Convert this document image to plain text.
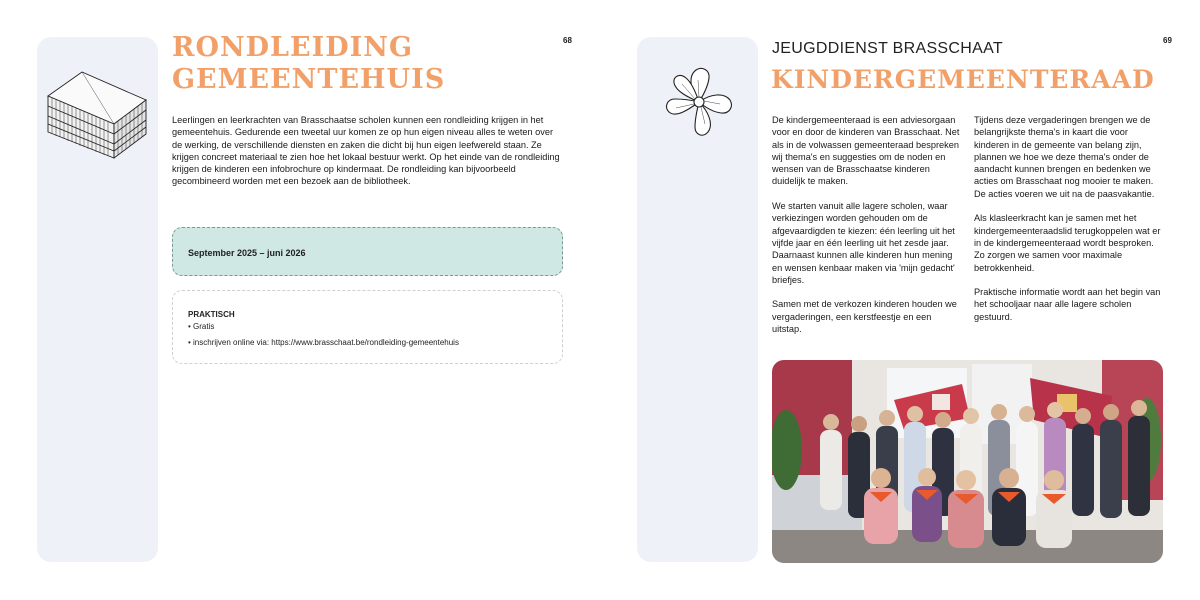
68
RONDLEIDING
GEMEENTEHUIS

Leerlingen en leerkrachten van Brasschaatse scholen kunnen een rondleiding krijgen in het gemeentehuis. Gedurende een tweetal uur komen ze op hun eigen niveau alles te weten over de werking, de verschillende diensten en zaken die dicht bij hun eigen leefwereld staan. Ze krijgen concreet materiaal te zien hoe het lokaal bestuur werkt. Op het einde van de rondleiding krijgen de kinderen een infobrochure op kindermaat. De rondleiding kan bijvoorbeeld gecombineerd worden met een bezoek aan de bibliotheek.

September 2025 – juni 2026
PRAKTISCH
• Gratis
• inschrijven online via: https://www.brasschaat.be/rondleiding-gemeentehuis
69
JEUGDDIENST BRASSCHAAT
KINDERGEMEENTERAAD

De kindergemeenteraad is een adviesorgaan voor en door de kinderen van Brasschaat. Net als in de volwassen gemeenteraad bespreken wij thema's en suggesties om de noden en wensen van de Brasschaatse kinderen duidelijk te maken.

We starten vanuit alle lagere scholen, waar verkiezingen worden gehouden om de afgevaardigden te kiezen: één leerling uit het vijfde jaar en één leerling uit het zesde jaar. Daarnaast kunnen alle kinderen hun mening en wensen kenbaar maken via 'mijn gedacht' briefjes.

Samen met de verkozen kinderen houden we vergaderingen, een kerstfeestje en een uitstap.

Tijdens deze vergaderingen brengen we de belangrijkste thema's in kaart die voor kinderen in de gemeente van belang zijn, plannen we hoe we deze thema's onder de aandacht kunnen brengen en bedenken we acties om Brasschaat nog mooier te maken. De acties voeren we uit na de paasvakantie.

Als klasleerkracht kan je samen met het kindergemeenteraadslid terugkoppelen wat er in de kindergemeenteraad wordt besproken. Zo zorgen we samen voor maximale betrokkenheid.

Praktische informatie wordt aan het begin van het schooljaar naar alle lagere scholen gestuurd.
